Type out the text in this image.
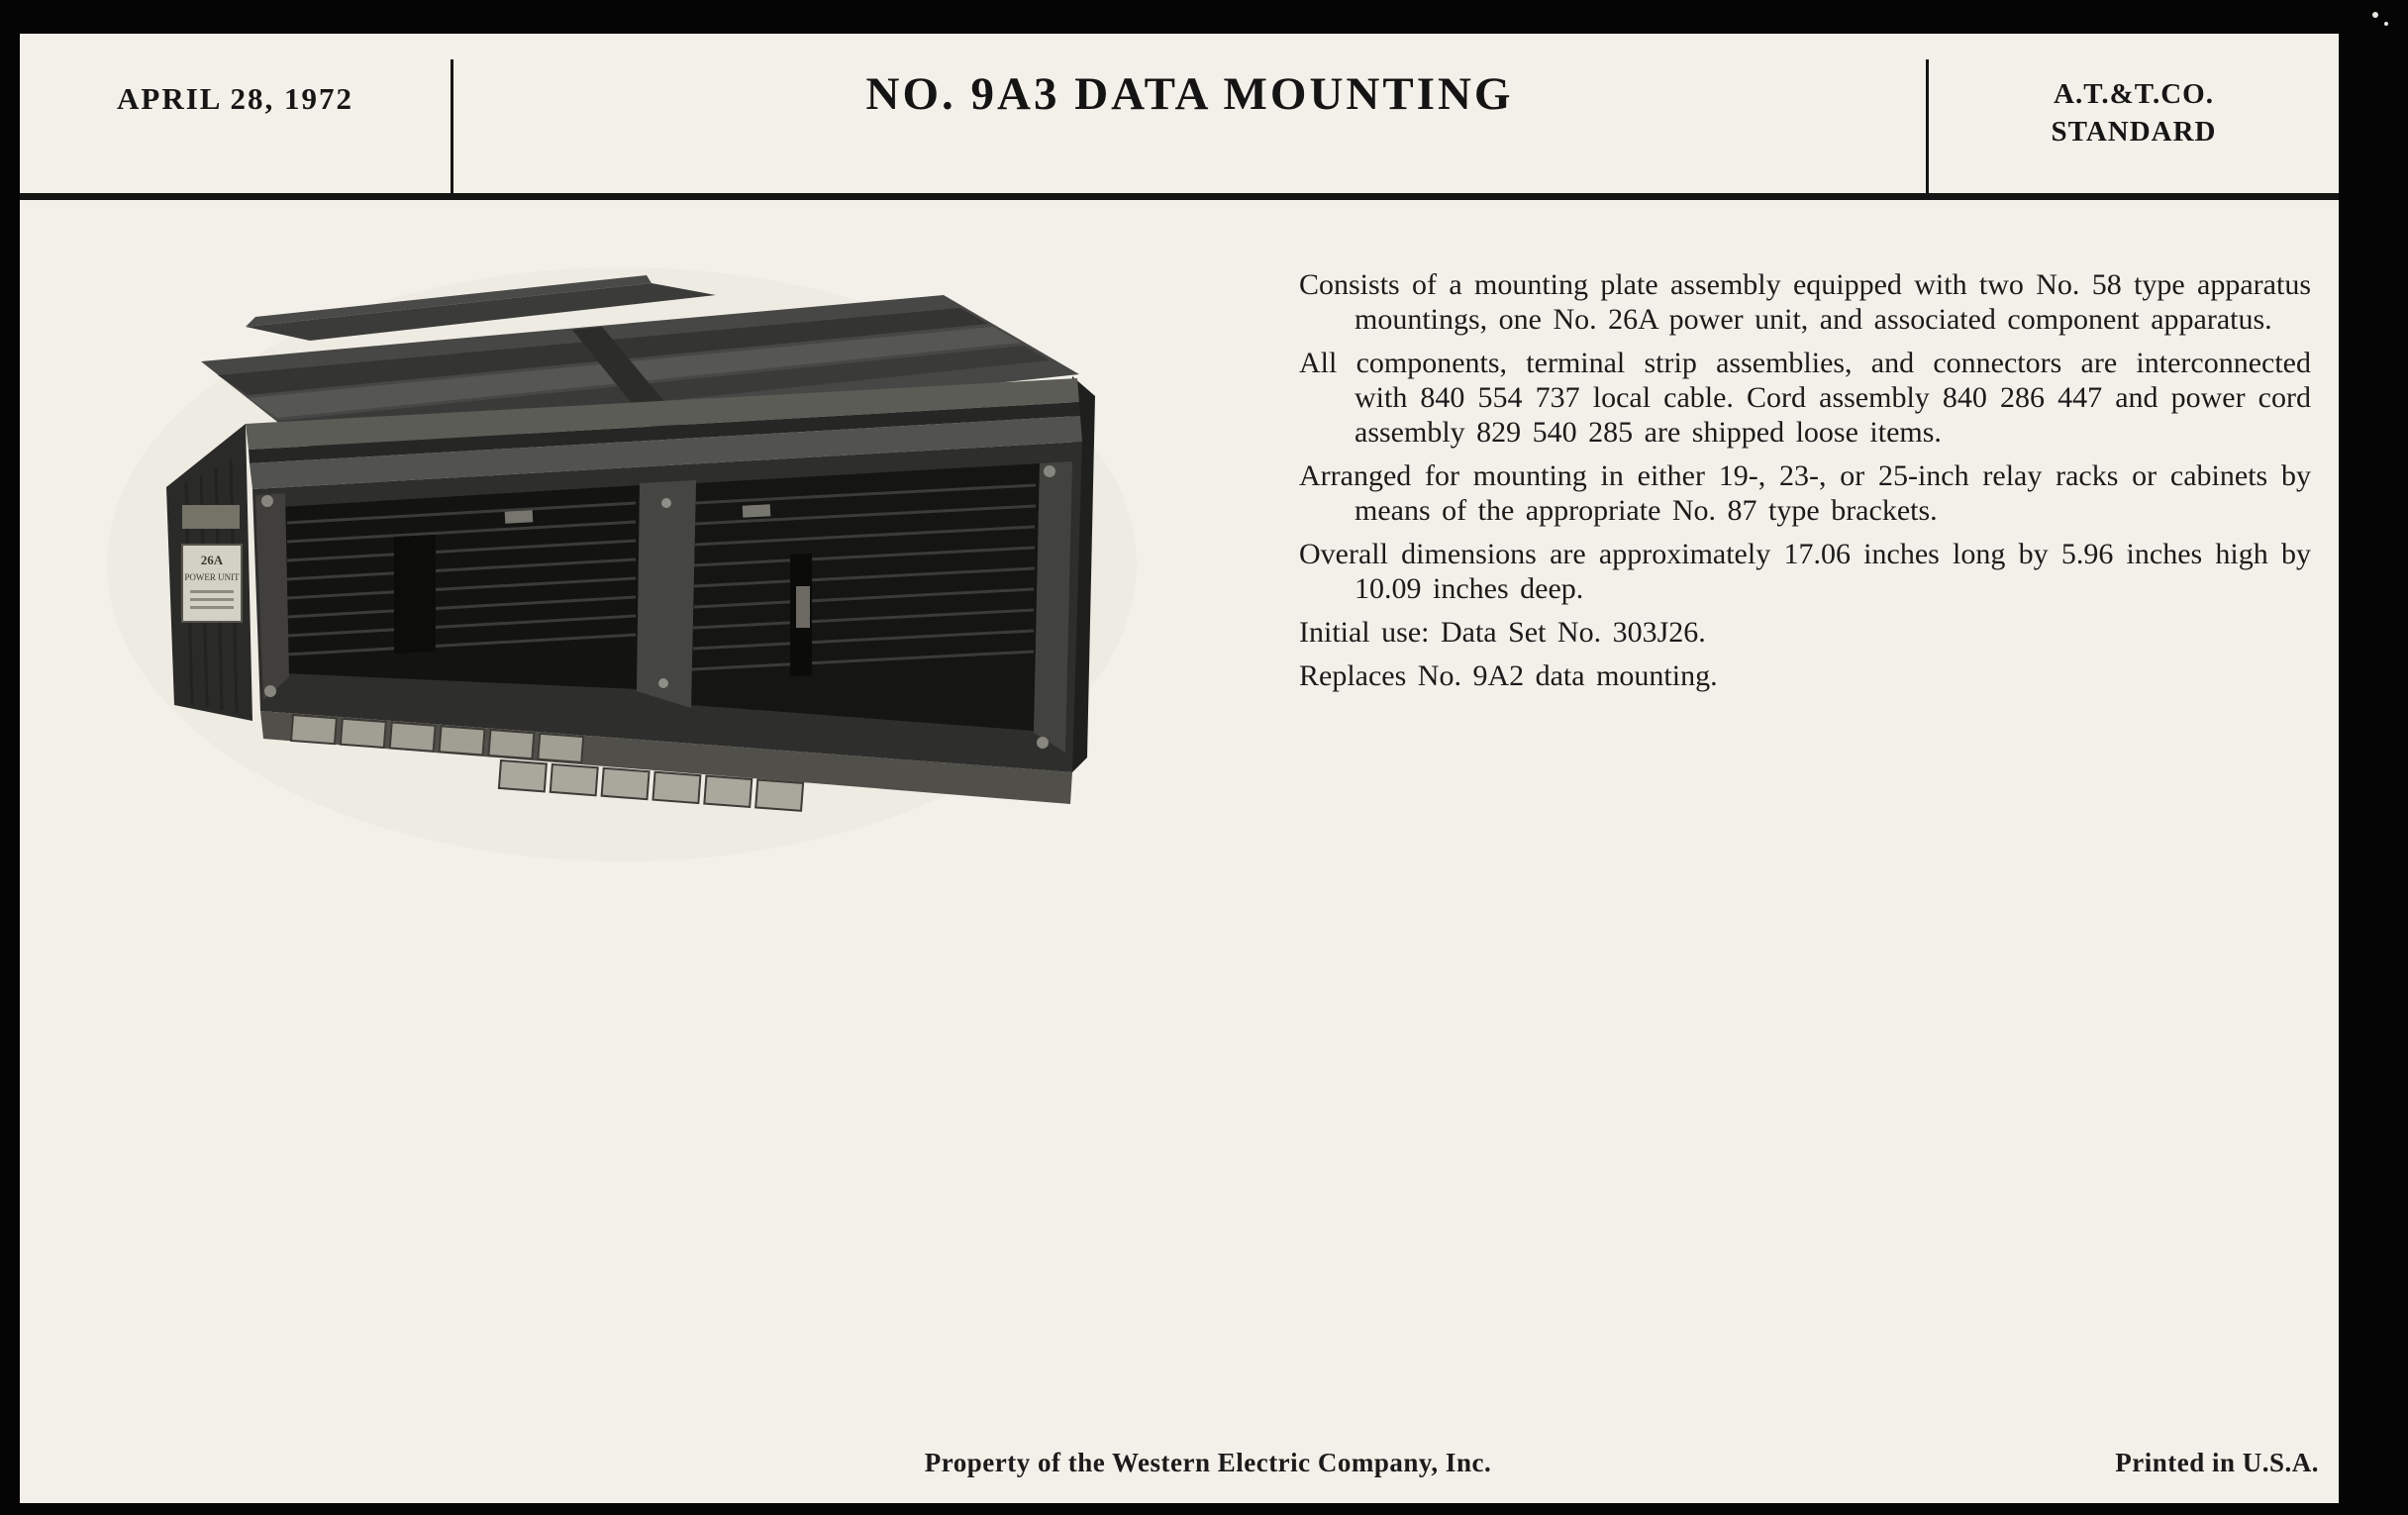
APRIL 28, 1972	NO. 9A3 DATA MOUNTING	A.T.&T.CO.
STANDARD
26A
POWER UNIT

Consists of a mounting plate assembly equipped with two No. 58 type apparatus mountings, one No. 26A power unit, and associated component apparatus.

All components, terminal strip assemblies, and connectors are interconnected with 840 554 737 local cable. Cord assembly 840 286 447 and power cord assembly 829 540 285 are shipped loose items.

Arranged for mounting in either 19-, 23-, or 25-inch relay racks or cabinets by means of the appropriate No. 87 type brackets.

Overall dimensions are approximately 17.06 inches long by 5.96 inches high by 10.09 inches deep.

Initial use: Data Set No. 303J26.

Replaces No. 9A2 data mounting.

Property of the Western Electric Company, Inc.	Printed in U.S.A.
